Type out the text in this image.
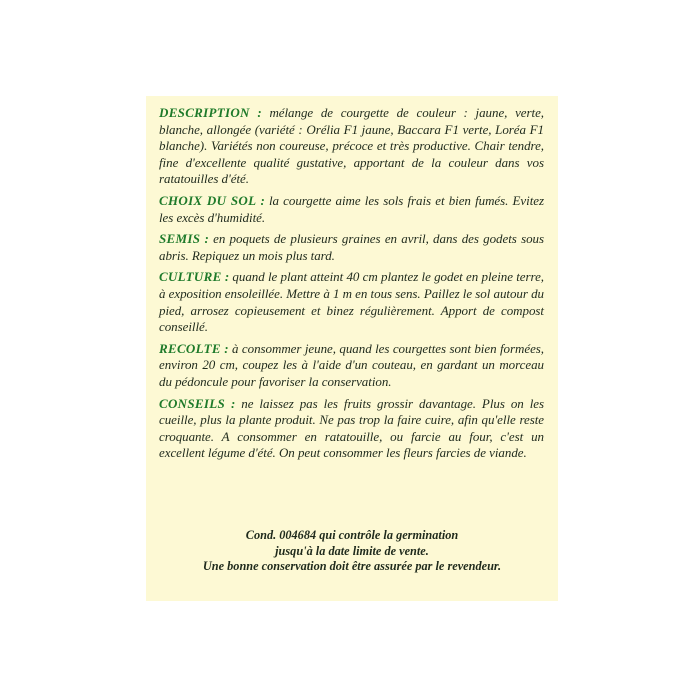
DESCRIPTION : mélange de courgette de couleur : jaune, verte, blanche, allongée (variété : Orélia F1 jaune, Baccara F1 verte, Loréa F1 blanche). Variétés non coureuse, précoce et très productive. Chair tendre, fine d'excellente qualité gustative, apportant de la couleur dans vos ratatouilles d'été.

CHOIX DU SOL : la courgette aime les sols frais et bien fumés. Evitez les excès d'humidité.

SEMIS : en poquets de plusieurs graines en avril, dans des godets sous abris. Repiquez un mois plus tard.

CULTURE : quand le plant atteint 40 cm plantez le godet en pleine terre, à exposition ensoleillée. Mettre à 1 m en tous sens. Paillez le sol autour du pied, arrosez copieusement et binez régulièrement. Apport de compost conseillé.

RECOLTE : à consommer jeune, quand les courgettes sont bien formées, environ 20 cm, coupez les à l'aide d'un couteau, en gardant un morceau du pédoncule pour favoriser la conservation.

CONSEILS : ne laissez pas les fruits grossir davantage. Plus on les cueille, plus la plante produit. Ne pas trop la faire cuire, afin qu'elle reste croquante. A consommer en ratatouille, ou farcie au four, c'est un excellent légume d'été. On peut consommer les fleurs farcies de viande.

Cond. 004684 qui contrôle la germination
jusqu'à la date limite de vente.
Une bonne conservation doit être assurée par le revendeur.
